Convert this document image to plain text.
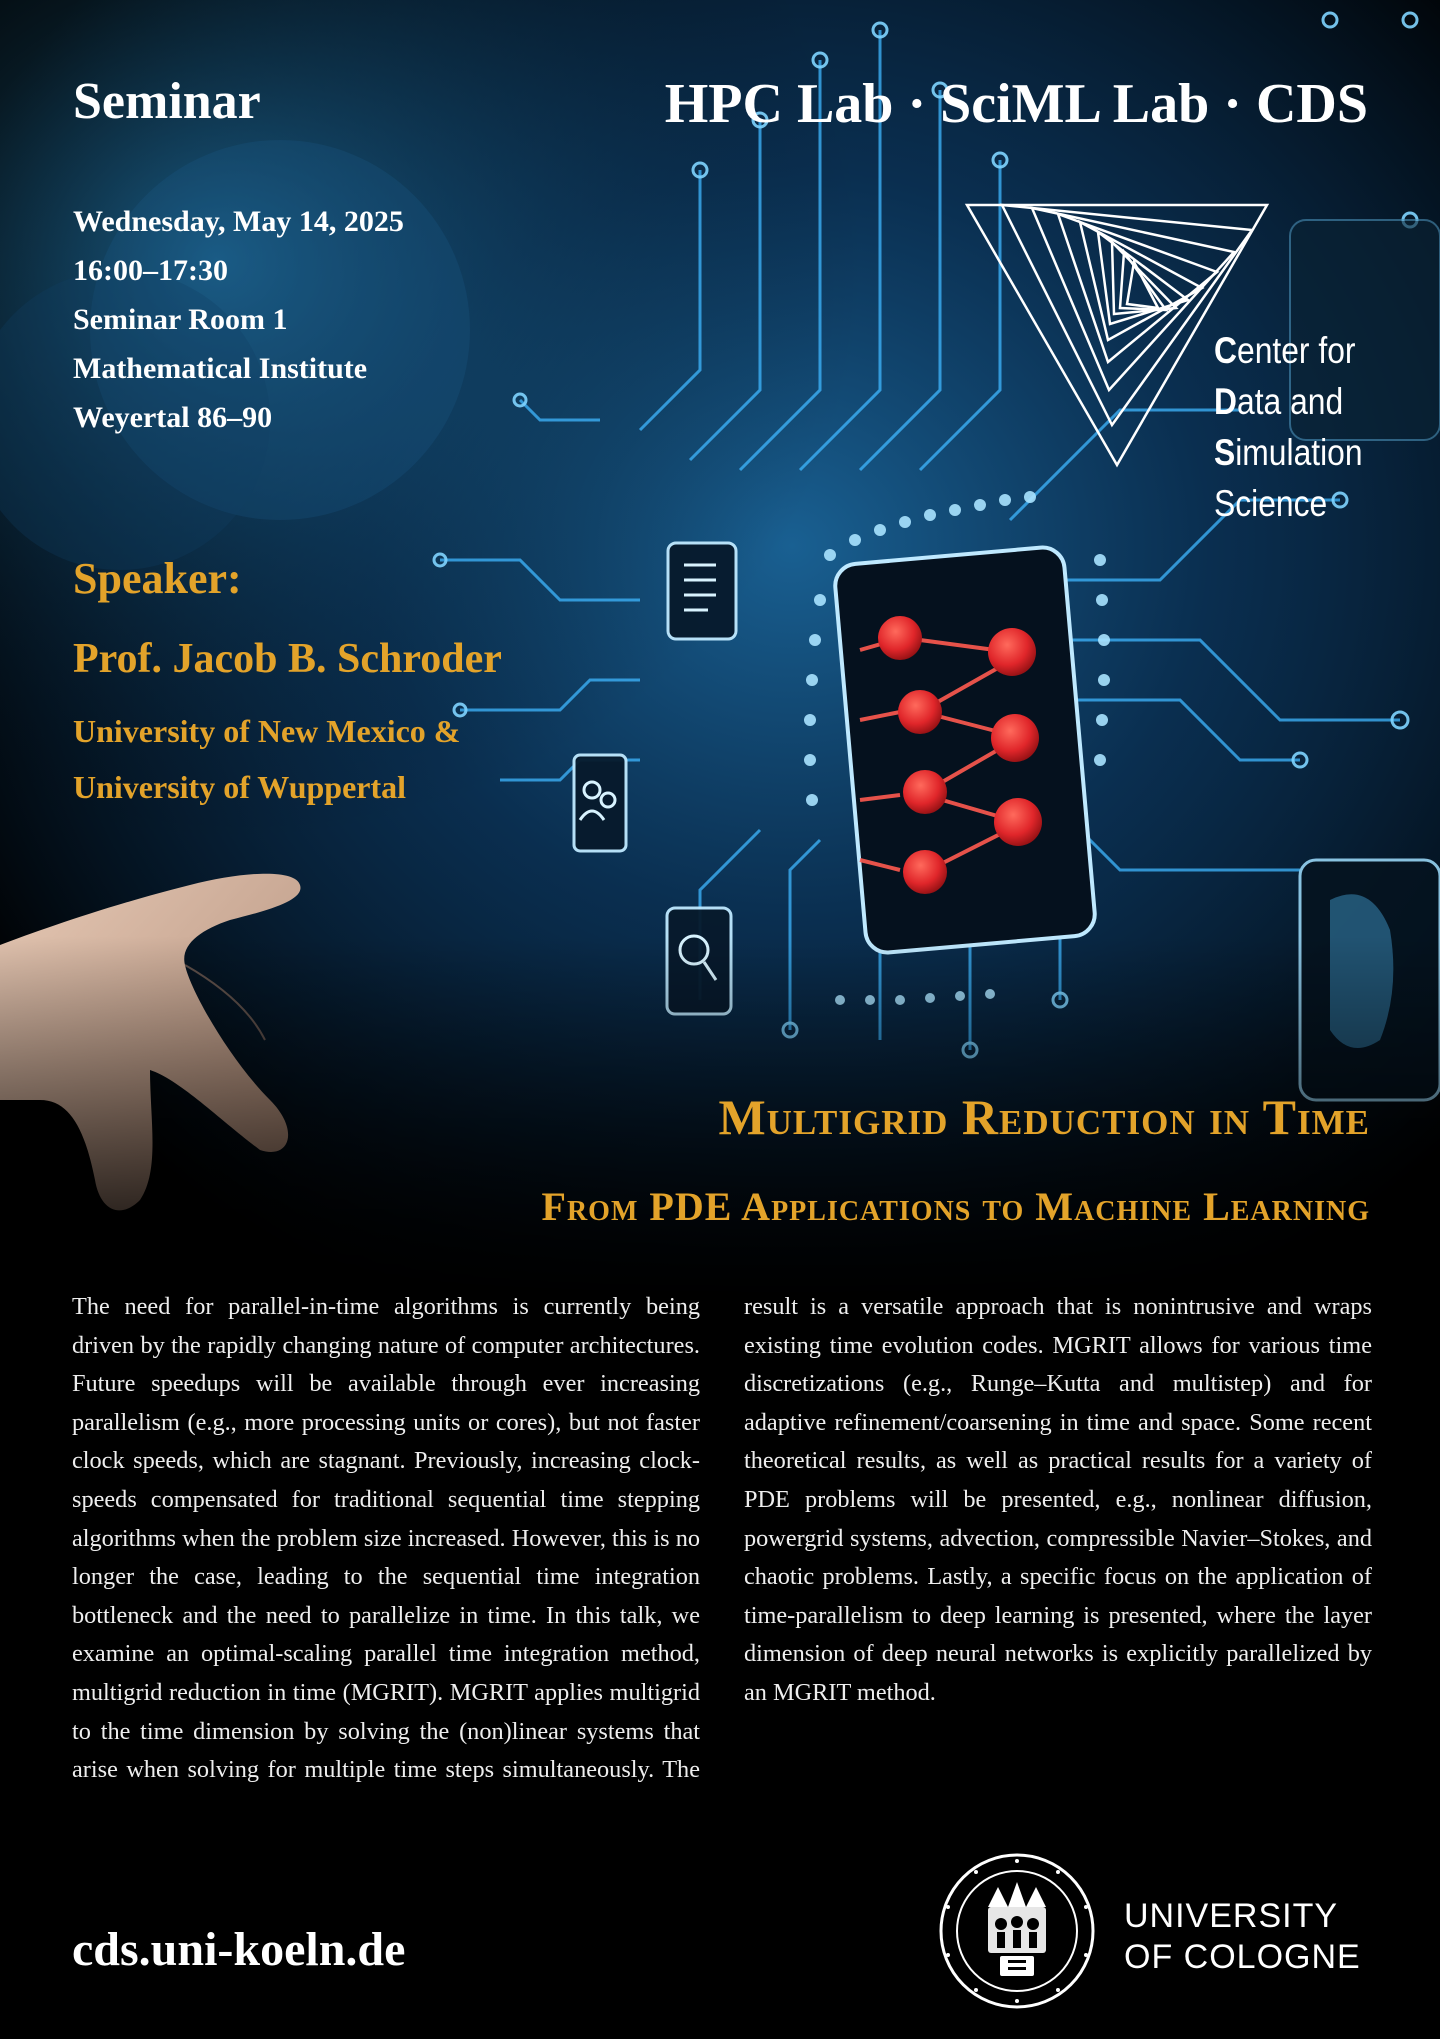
Seminar	HPC Lab · SciML Lab · CDS
Wednesday, May 14, 2025
16:00–17:30
Seminar Room 1
Mathematical Institute
Weyertal 86–90
Speaker:
Prof. Jacob B. Schroder
University of New Mexico &
University of Wuppertal
Center for
Data and
Simulation
Science
Multigrid Reduction in Time
From PDE Applications to Machine Learning
The need for parallel-in-time algorithms is currently being driven by the rapidly changing nature of computer architectures. Future speedups will be available through ever increasing parallelism (e.g., more processing units or cores), but not faster clock speeds, which are stagnant. Previously, increasing clock-speeds compensated for traditional sequential time stepping algorithms when the problem size increased. However, this is no longer the case, leading to the sequential time integration bottleneck and the need to parallelize in time. In this talk, we examine an optimal-scaling parallel time integration method, multigrid reduction in time (MGRIT). MGRIT applies multigrid to the time dimension by solving the (non)linear systems that arise when solving for multiple time steps simultaneously. The result is a versatile approach that is nonintrusive and wraps existing time evolution codes. MGRIT allows for various time discretizations (e.g., Runge–Kutta and multistep) and for adaptive refinement/coarsening in time and space. Some recent theoretical results, as well as practical results for a variety of PDE problems will be presented, e.g., nonlinear diffusion, powergrid systems, advection, compressible Navier–Stokes, and chaotic problems. Lastly, a specific focus on the application of time-parallelism to deep learning is presented, where the layer dimension of deep neural networks is explicitly parallelized by an MGRIT method.
cds.uni-koeln.de
UNIVERSITY
OF COLOGNE
